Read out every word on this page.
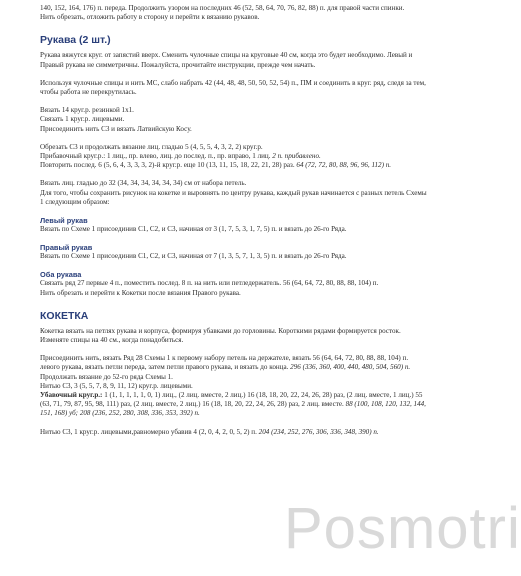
140, 152, 164, 176) п. переда. Продолжить узором на последних 46 (52, 58, 64, 70, 76, 82, 88) п. для правой части спинки.

Нить обрезать, отложить работу в сторону и перейти к вязанию рукавов.

Рукава (2 шт.)

Рукава вяжутся круг. от запястий вверх. Сменить чулочные спицы на круговые 40 см, когда это будет необходимо. Левый и Правый рукава не симметричны. Пожалуйста, прочитайте инструкции, прежде чем начать.

Используя чулочные спицы и нить МС, слабо набрать 42 (44, 48, 48, 50, 50, 52, 54) п., ПМ и соединить в круг. ряд, следя за тем, чтобы работа не перекрутилась.

Вязать 14 круг.р. резинкой 1х1.

Связать 1 круг.р. лицевыми.

Присоединить нить С3 и вязать Латвийскую Косу.

Обрезать С3 и продолжать вязание лиц. гладью 5 (4, 5, 5, 4, 3, 2, 2) круг.р.

Прибавочный круг.р.: 1 лиц., пр. влево, лиц. до послед. п., пр. вправо, 1 лиц. 2 п. прибавлено.

Повторить послед. 6 (5, 6, 4, 3, 3, 3, 2)-й круг.р. еще 10 (13, 11, 15, 18, 22, 21, 28) раз. 64 (72, 72, 80, 88, 96, 96, 112) п.

Вязать лиц. гладью до 32 (34, 34, 34, 34, 34, 34) см от набора петель.

Для того, чтобы сохранить рисунок на кокетке и выровнять по центру рукава, каждый рукав начинается с разных петель Схемы 1 следующим образом:

Левый рукав

Вязать по Схеме 1 присоединив С1, С2, и С3, начиная от 3 (1, 7, 5, 3, 1, 7, 5) п. и вязать до 26-го Ряда.

Правый рукав

Вязать по Схеме 1 присоединив С1, С2, и С3, начиная от 7 (1, 3, 5, 7, 1, 3, 5) п. и вязать до 26-го Ряда.

Оба рукава

Связать ряд 27 первые 4 п., поместить послед. 8 п. на нить или петледержатель. 56 (64, 64, 72, 80, 88, 88, 104) п.

Нить обрезать и перейти к Кокетки после вязания Правого рукава.

КОКЕТКА

Кокетка вязать на петлях рукава и корпуса, формируя убавками до горловины. Короткими рядами формируется росток. Изменяте спицы на 40 см., когда понадобиться.

Присоединить нить, вязать Ряд 28 Схемы 1 к первому набору петель на держателе, вязать 56 (64, 64, 72, 80, 88, 88, 104) п. левого рукава, вязать петли переда, затем петли правого рукава, и вязать до конца. 296 (336, 360, 400, 440, 480, 504, 560) п.

Продолжать вязание до 52-го ряда Схемы 1.

Нитью С3, 3 (5, 5, 7, 8, 9, 11, 12) круг.р. лицевыми.

Убавочный круг.р.: 1 (1, 1, 1, 1, 1, 0, 1) лиц., (2 лиц. вместе, 2 лиц.) 16 (18, 18, 20, 22, 24, 26, 28) раз, (2 лиц. вместе, 1 лиц.) 55 (63, 71, 79, 87, 95, 98, 111) раз, (2 лиц. вместе, 2 лиц.) 16 (18, 18, 20, 22, 24, 26, 28) раз, 2 лиц. вместе. 88 (100, 108, 120, 132, 144, 151, 168) уб; 208 (236, 252, 280, 308, 336, 353, 392) п.

Нитью С3, 1 круг.р. лицевыми,равномерно убавив 4 (2, 0, 4, 2, 0, 5, 2) п. 204 (234, 252, 276, 306, 336, 348, 390) п.

Posmotri
